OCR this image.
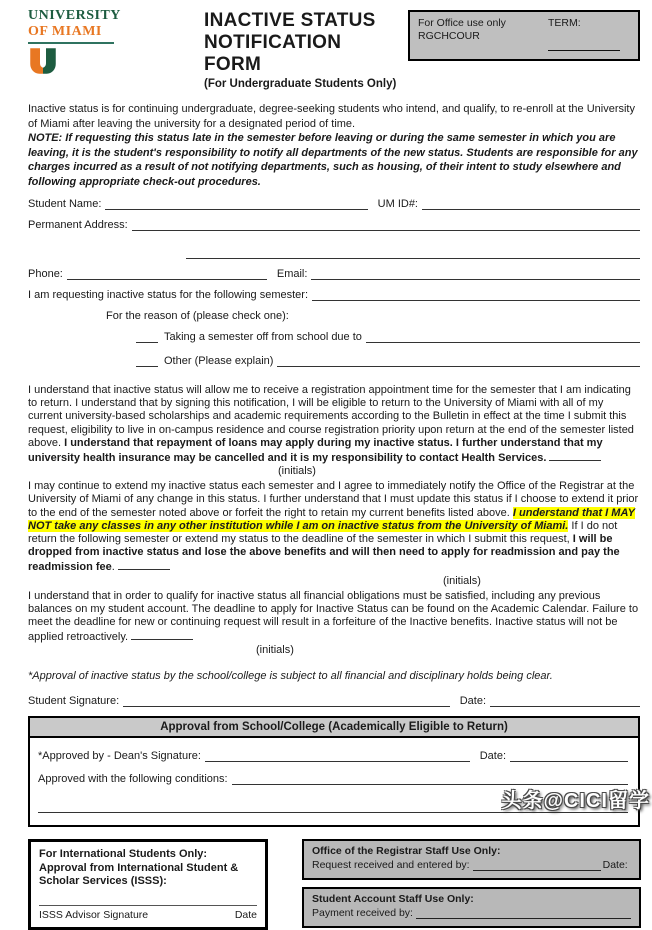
UNIVERSITY
OF MIAMI
INACTIVE STATUS
NOTIFICATION FORM
(For Undergraduate Students Only)
For Office use only
RGCHCOUR
TERM:
Inactive status is for continuing undergraduate, degree-seeking students who intend, and qualify, to re-enroll at the University of Miami after leaving the university for a designated period of time.
NOTE: If requesting this status late in the semester before leaving or during the same semester in which you are leaving, it is the student's responsibility to notify all departments of the new status. Students are responsible for any charges incurred as a result of not notifying departments, such as housing, of their intent to study elsewhere and following appropriate check-out procedures.
Student Name:	UM ID#:
Permanent Address:
Phone:	Email:
I am requesting inactive status for the following semester:
For the reason of (please check one):
Taking a semester off from school due to
Other (Please explain)
I understand that inactive status will allow me to receive a registration appointment time for the semester that I am indicating to return. I understand that by signing this notification, I will be eligible to return to the University of Miami with all of my current university-based scholarships and academic requirements according to the Bulletin in effect at the time I submit this request, eligibility to live in on-campus residence and course registration priority upon return at the end of the semester listed above. I understand that repayment of loans may apply during my inactive status. I further understand that my university health insurance may be cancelled and it is my responsibility to contact Health Services.
(initials)
I may continue to extend my inactive status each semester and I agree to immediately notify the Office of the Registrar at the University of Miami of any change in this status. I further understand that I must update this status if I choose to extend it prior to the end of the semester noted above or forfeit the right to retain my current benefits listed above. I understand that I MAY NOT take any classes in any other institution while I am on inactive status from the University of Miami. If I do not return the following semester or extend my status to the deadline of the semester in which I submit this request, I will be dropped from inactive status and lose the above benefits and will then need to apply for readmission and pay the readmission fee.
(initials)
I understand that in order to qualify for inactive status all financial obligations must be satisfied, including any previous balances on my student account. The deadline to apply for Inactive Status can be found on the Academic Calendar. Failure to meet the deadline for new or continuing request will result in a forfeiture of the Inactive benefits. Inactive status will not be applied retroactively.
(initials)
*Approval of inactive status by the school/college is subject to all financial and disciplinary holds being clear.
Student Signature:	Date:
Approval from School/College (Academically Eligible to Return)
*Approved by - Dean's Signature:	Date:
Approved with the following conditions:
For International Students Only: Approval from International Student & Scholar Services (ISSS):
ISSS Advisor Signature	Date
Office of the Registrar Staff Use Only:
Request received and entered by:	Date:
Student Account Staff Use Only:
Payment received by:
头条@CICI留学
